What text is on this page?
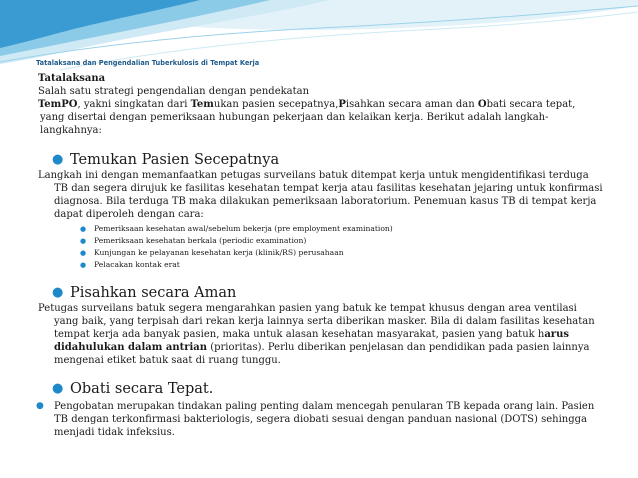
Tatalaksana dan Pengendalian Tuberkulosis di Tempat Kerja

Tatalaksana

Salah satu strategi pengendalian dengan pendekatan

TemPO, yakni singkatan dari Temukan pasien secepatnya,Pisahkan secara aman dan Obati secara tepat,

yang disertai dengan pemeriksaan hubungan pekerjaan dan kelaikan kerja. Berikut adalah langkah-langkahnya:

● Temukan Pasien Secepatnya

Langkah ini dengan memanfaatkan petugas surveilans batuk ditempat kerja untuk mengidentifikasi terduga TB dan segera dirujuk ke fasilitas kesehatan tempat kerja atau fasilitas kesehatan jejaring untuk konfirmasi diagnosa. Bila terduga TB maka dilakukan pemeriksaan laboratorium. Penemuan kasus TB di tempat kerja dapat diperoleh dengan cara:

● Pemeriksaan kesehatan awal/sebelum bekerja (pre employment examination)
● Pemeriksaan kesehatan berkala (periodic examination)
● Kunjungan ke pelayanan kesehatan kerja (klinik/RS) perusahaan
● Pelacakan kontak erat

● Pisahkan secara Aman

Petugas surveilans batuk segera mengarahkan pasien yang batuk ke tempat khusus dengan area ventilasi yang baik, yang terpisah dari rekan kerja lainnya serta diberikan masker. Bila di dalam fasilitas kesehatan tempat kerja ada banyak pasien, maka untuk alasan kesehatan masyarakat, pasien yang batuk harus didahulukan dalam antrian (prioritas). Perlu diberikan penjelasan dan pendidikan pada pasien lainnya mengenai etiket batuk saat di ruang tunggu.

● Obati secara Tepat.

● Pengobatan merupakan tindakan paling penting dalam mencegah penularan TB kepada orang lain. Pasien TB dengan terkonfirmasi bakteriologis, segera diobati sesuai dengan panduan nasional (DOTS) sehingga menjadi tidak infeksius.
